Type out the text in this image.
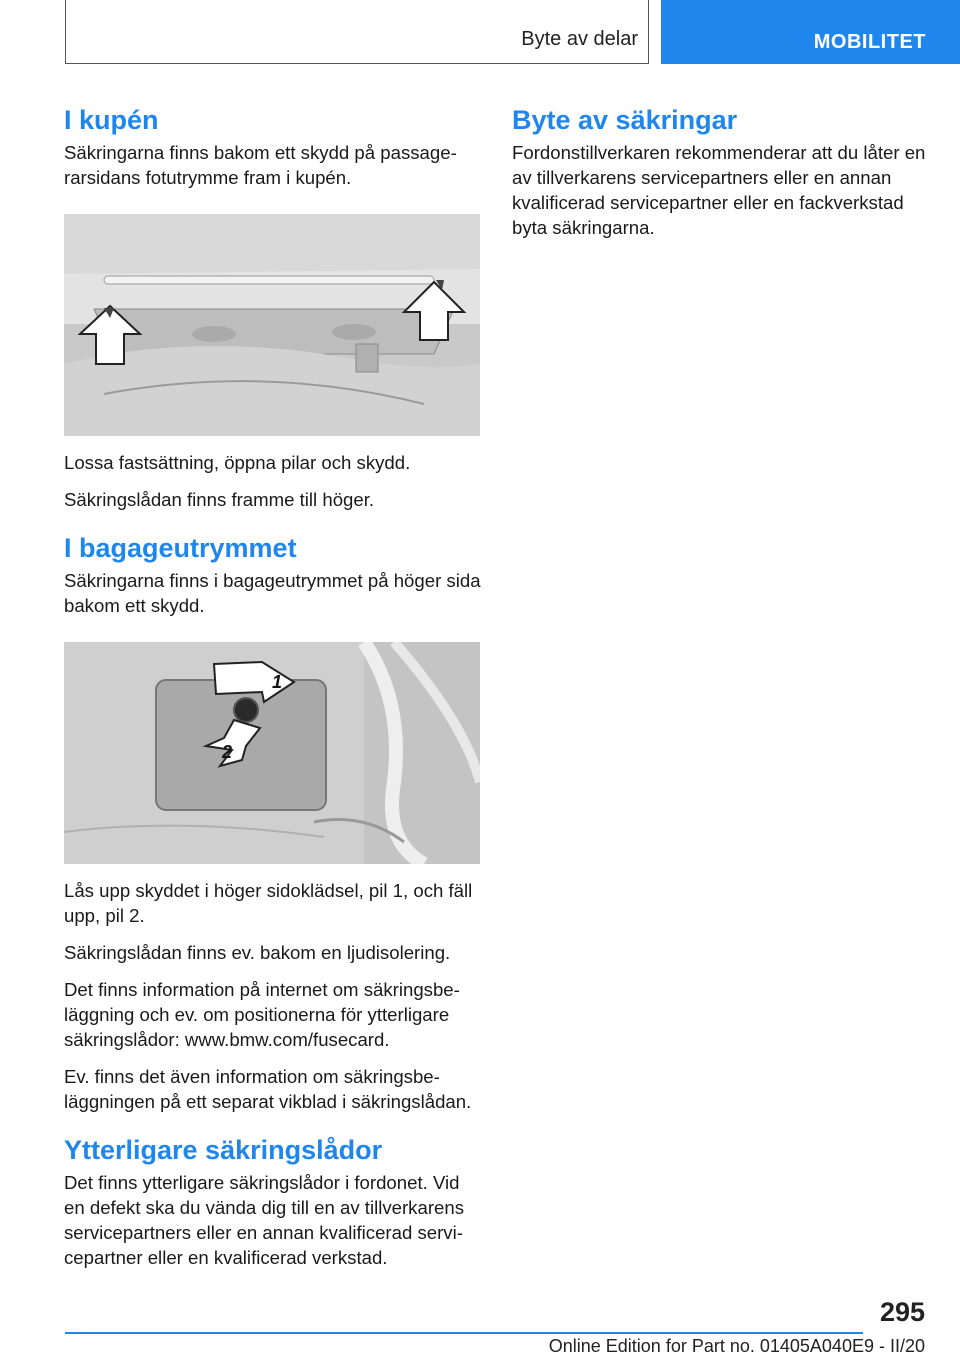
Byte av delar	MOBILITET
I kupén

Säkringarna finns bakom ett skydd på passagerarsidans fotutrymme fram i kupén.

Lossa fastsättning, öppna pilar och skydd.

Säkringslådan finns framme till höger.

I bagageutrymmet

Säkringarna finns i bagageutrymmet på höger sida bakom ett skydd.

1
2

Lås upp skyddet i höger sidoklädsel, pil 1, och fäll upp, pil 2.

Säkringslådan finns ev. bakom en ljudisolering.

Det finns information på internet om säkringsbeläggning och ev. om positionerna för ytterligare säkringslådor: www.bmw.com/fusecard.

Ev. finns det även information om säkringsbeläggningen på ett separat vikblad i säkringslådan.

Ytterligare säkringslådor

Det finns ytterligare säkringslådor i fordonet. Vid en defekt ska du vända dig till en av tillverkarens servicepartners eller en annan kvalificerad servicepartner eller en kvalificerad verkstad.

Byte av säkringar

Fordonstillverkaren rekommenderar att du låter en av tillverkarens servicepartners eller en annan kvalificerad servicepartner eller en fackverkstad byta säkringarna.

295
Online Edition for Part no. 01405A040E9 - II/20
